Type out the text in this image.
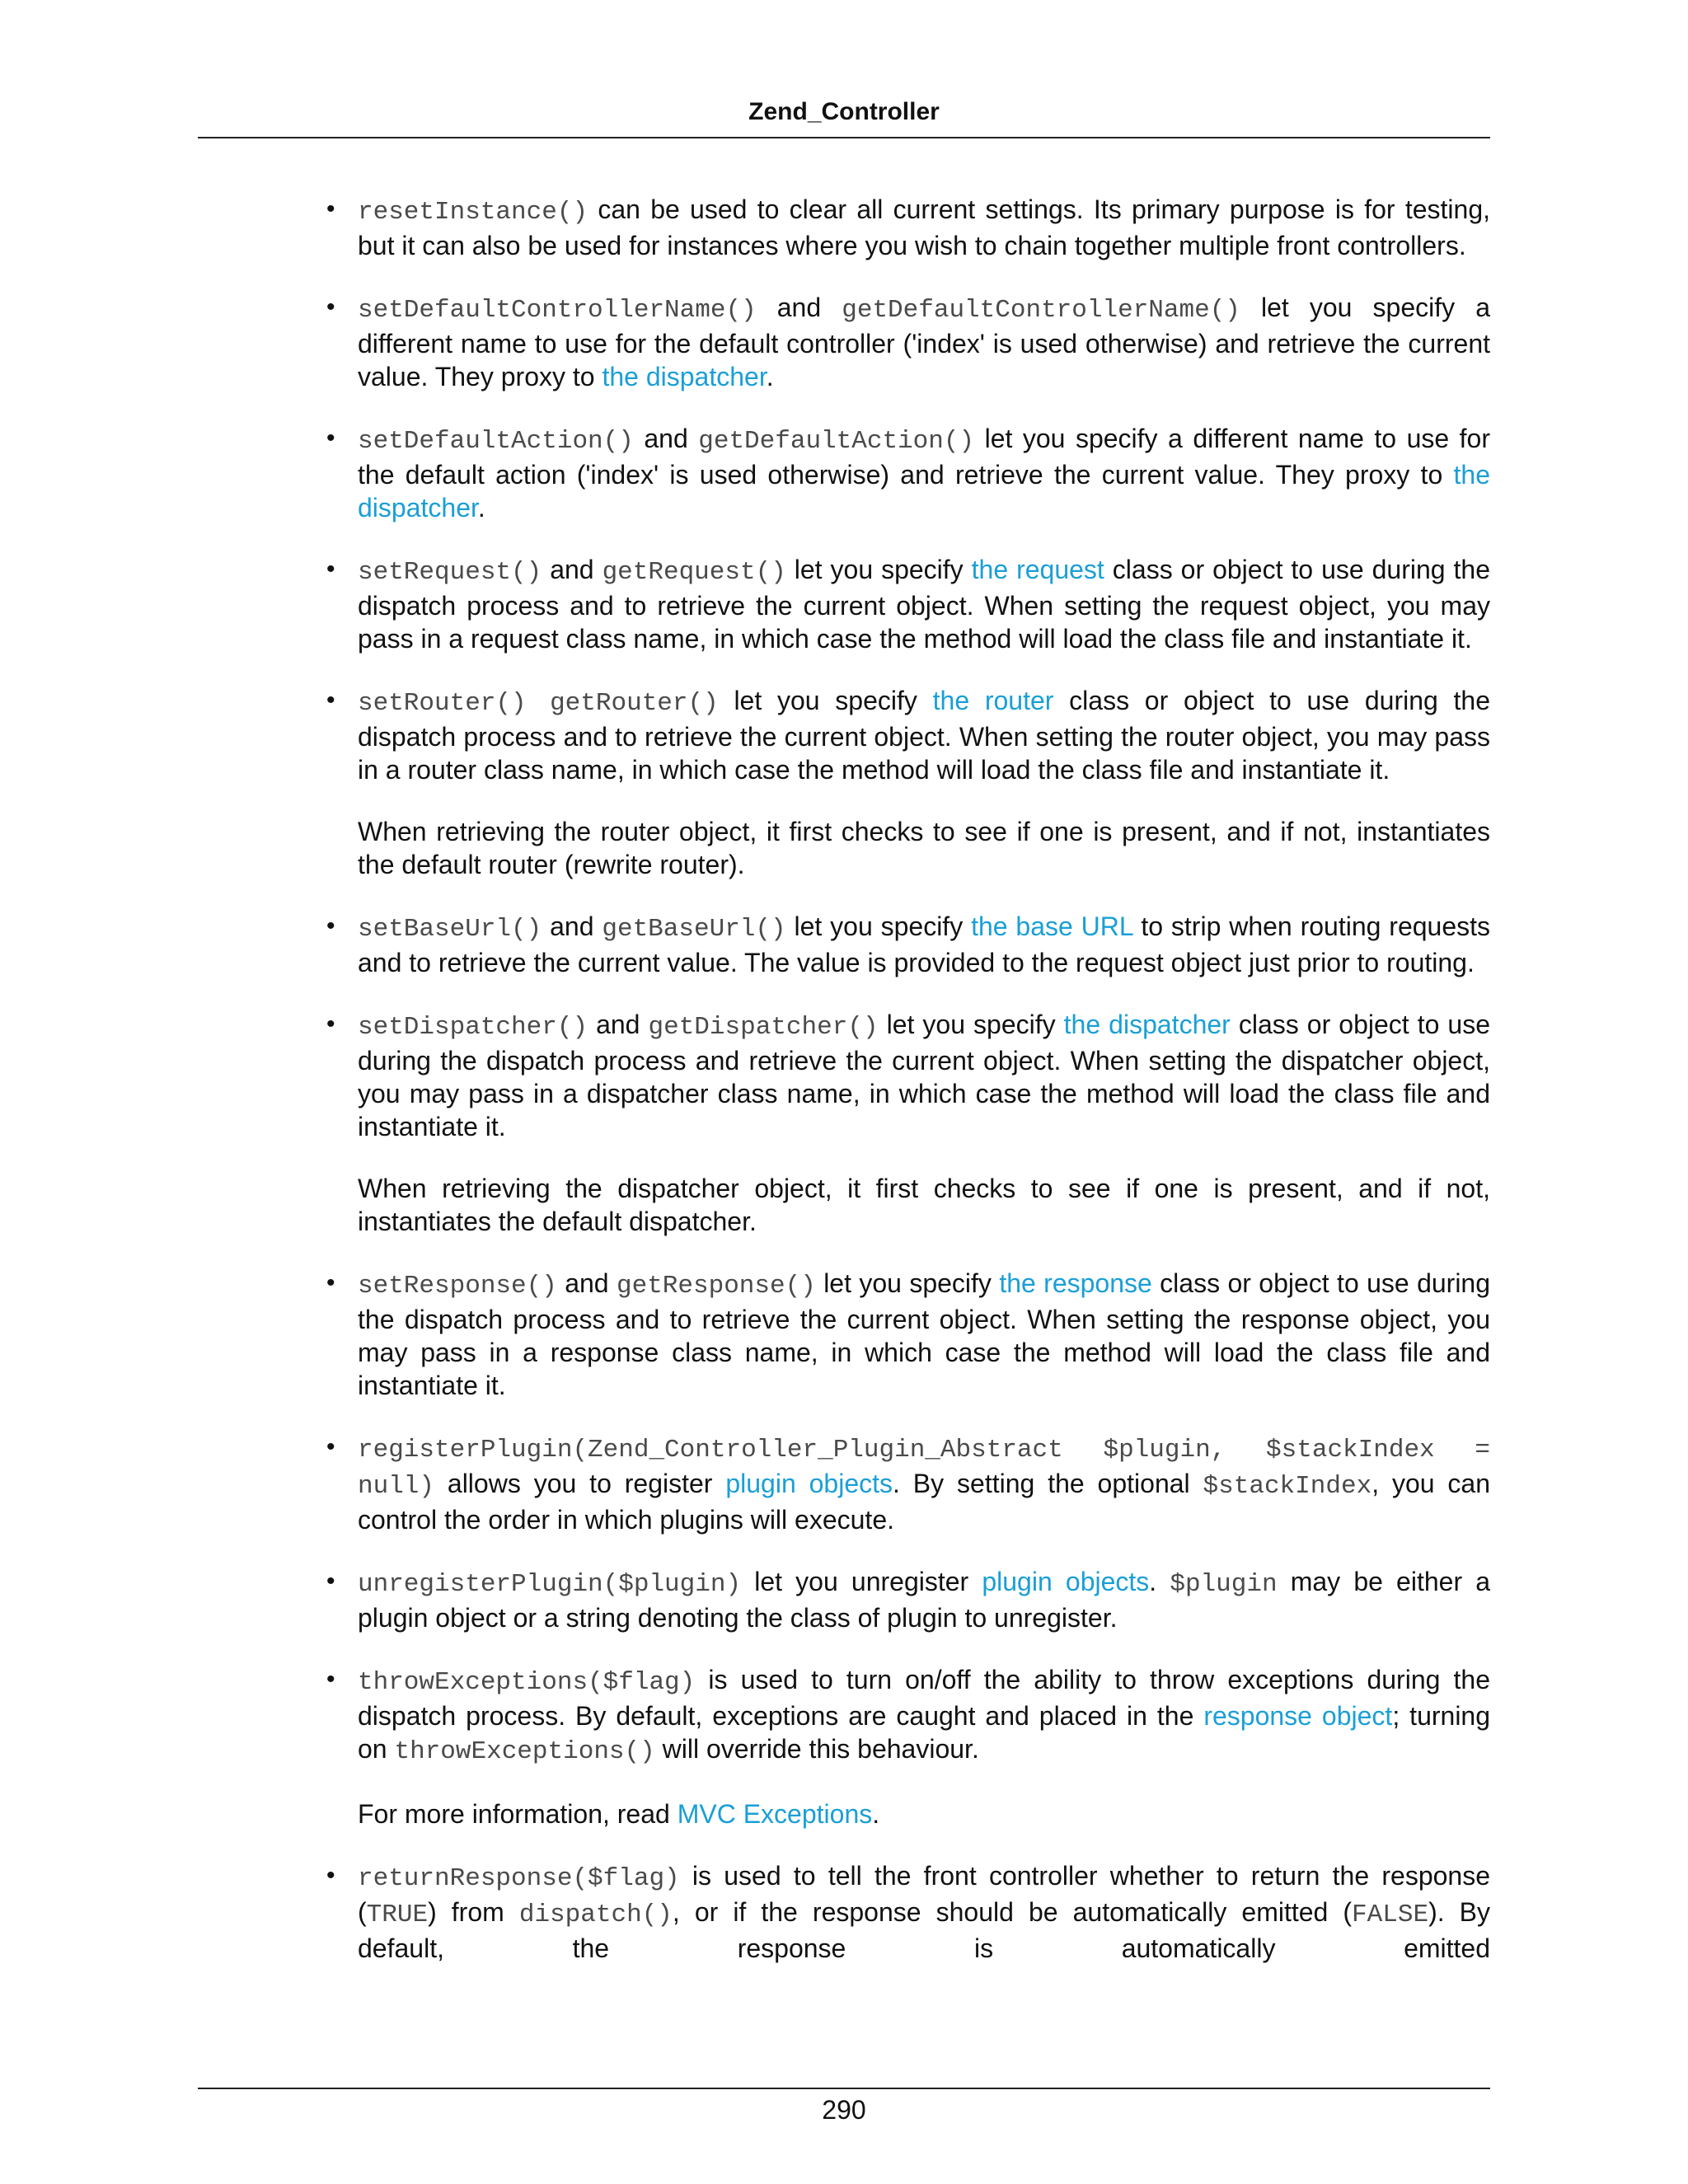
Zend_Controller
• resetInstance() can be used to clear all current settings. Its primary purpose is for testing, but it can also be used for instances where you wish to chain together multiple front controllers.

• setDefaultControllerName() and getDefaultControllerName() let you specify a different name to use for the default controller ('index' is used otherwise) and retrieve the current value. They proxy to the dispatcher.

• setDefaultAction() and getDefaultAction() let you specify a different name to use for the default action ('index' is used otherwise) and retrieve the current value. They proxy to the dispatcher.

• setRequest() and getRequest() let you specify the request class or object to use during the dispatch process and to retrieve the current object. When setting the request object, you may pass in a request class name, in which case the method will load the class file and instantiate it.

• setRouter() getRouter() let you specify the router class or object to use during the dispatch process and to retrieve the current object. When setting the router object, you may pass in a router class name, in which case the method will load the class file and instantiate it.

When retrieving the router object, it first checks to see if one is present, and if not, instantiates the default router (rewrite router).

• setBaseUrl() and getBaseUrl() let you specify the base URL to strip when routing requests and to retrieve the current value. The value is provided to the request object just prior to routing.

• setDispatcher() and getDispatcher() let you specify the dispatcher class or object to use during the dispatch process and retrieve the current object. When setting the dispatcher object, you may pass in a dispatcher class name, in which case the method will load the class file and instantiate it.

When retrieving the dispatcher object, it first checks to see if one is present, and if not, instantiates the default dispatcher.

• setResponse() and getResponse() let you specify the response class or object to use during the dispatch process and to retrieve the current object. When setting the response object, you may pass in a response class name, in which case the method will load the class file and instantiate it.

• registerPlugin(Zend_Controller_Plugin_Abstract $plugin, $stackIndex = null) allows you to register plugin objects. By setting the optional $stackIndex, you can control the order in which plugins will execute.

• unregisterPlugin($plugin) let you unregister plugin objects. $plugin may be either a plugin object or a string denoting the class of plugin to unregister.

• throwExceptions($flag) is used to turn on/off the ability to throw exceptions during the dispatch process. By default, exceptions are caught and placed in the response object; turning on throwExceptions() will override this behaviour.

For more information, read MVC Exceptions.

• returnResponse($flag) is used to tell the front controller whether to return the response (TRUE) from dispatch(), or if the response should be automatically emitted (FALSE). By default, the response is automatically emitted

290
